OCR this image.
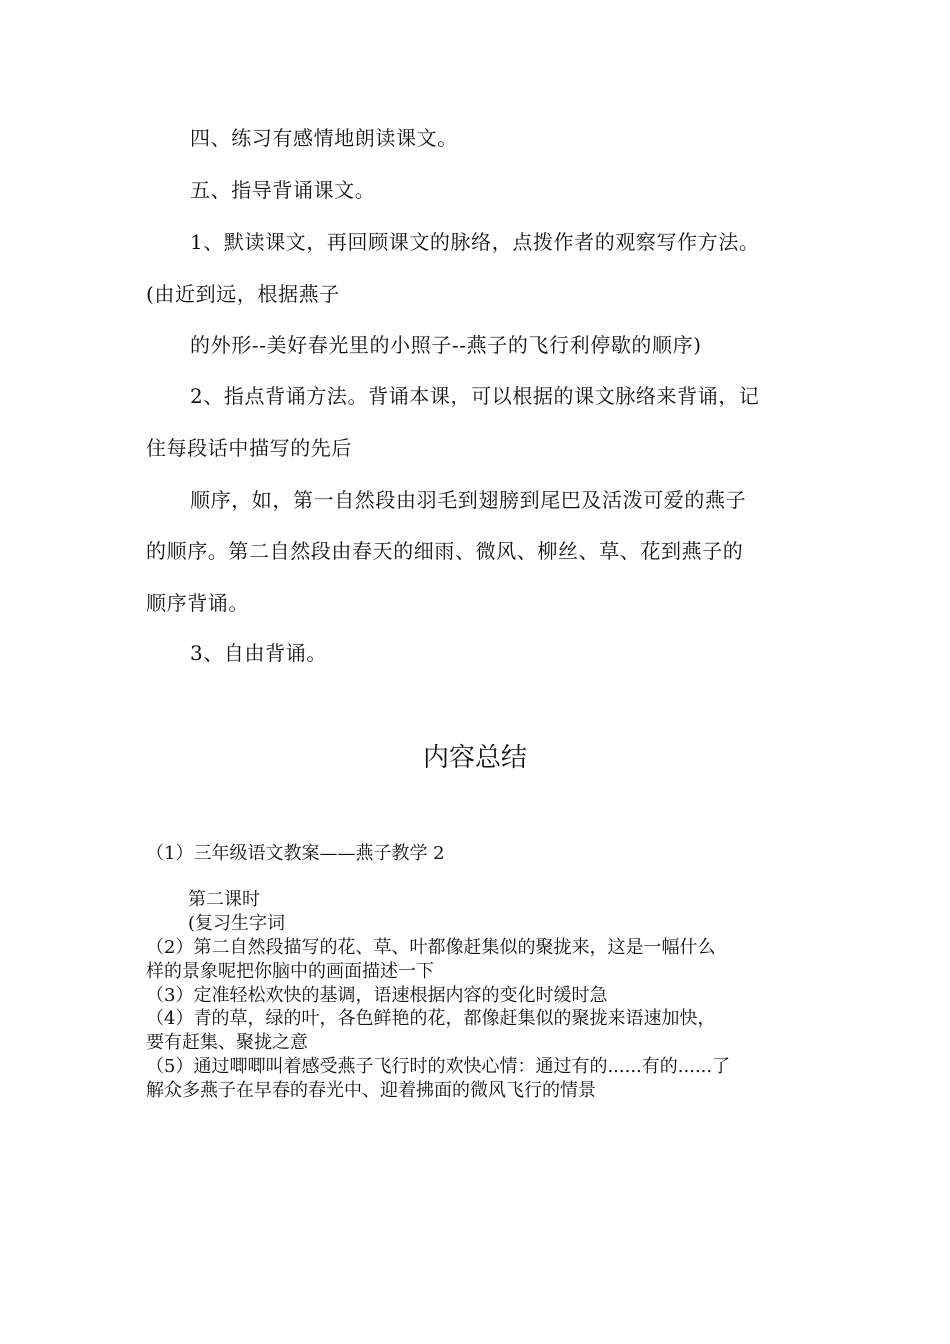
四、练习有感情地朗读课文。
五、指导背诵课文。
1、默读课文，再回顾课文的脉络，点拨作者的观察写作方法。
(由近到远，根据燕子
的外形--美好春光里的小照子--燕子的飞行利停歇的顺序)
2、指点背诵方法。背诵本课，可以根据的课文脉络来背诵，记
住每段话中描写的先后
顺序，如，第一自然段由羽毛到翅膀到尾巴及活泼可爱的燕子
的顺序。第二自然段由春天的细雨、微风、柳丝、草、花到燕子的
顺序背诵。
3、自由背诵。
内容总结
（1）三年级语文教案——燕子教学 2
第二课时
(复习生字词
（2）第二自然段描写的花、草、叶都像赶集似的聚拢来，这是一幅什么
样的景象呢把你脑中的画面描述一下
（3）定准轻松欢快的基调，语速根据内容的变化时缓时急
（4）青的草，绿的叶，各色鲜艳的花，都像赶集似的聚拢来语速加快，
要有赶集、聚拢之意
（5）通过唧唧叫着感受燕子飞行时的欢快心情：通过有的......有的......了
解众多燕子在早春的春光中、迎着拂面的微风飞行的情景
